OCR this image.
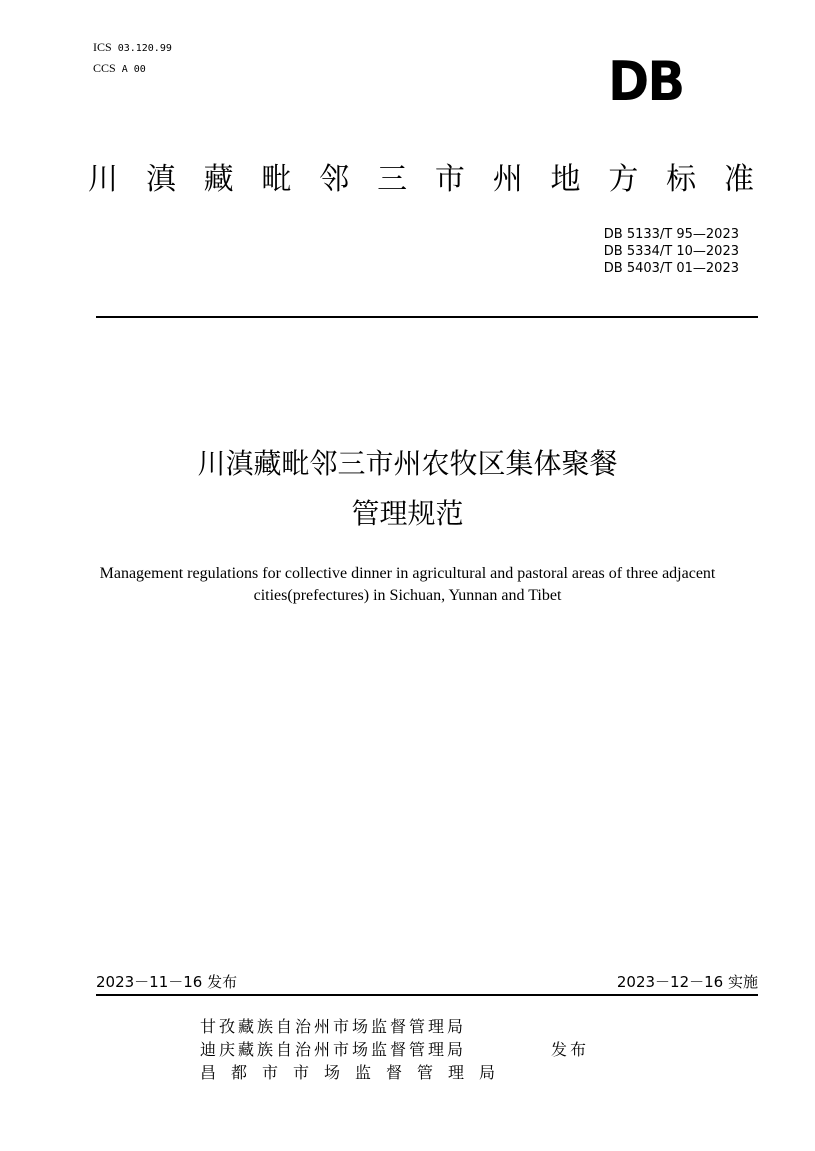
ICS 03.120.99
CCS A 00	DB
川滇藏毗邻三市州地方标准
DB 5133/T 95—2023
DB 5334/T 10—2023
DB 5403/T 01—2023
川滇藏毗邻三市州农牧区集体聚餐
管理规范
Management regulations for collective dinner in agricultural and pastoral areas of three adjacent cities(prefectures) in Sichuan, Yunnan and Tibet
2023－11－16 发布	2023－12－16 实施
甘孜藏族自治州市场监督管理局
迪庆藏族自治州市场监督管理局
昌都市市场监督管理局
发布
